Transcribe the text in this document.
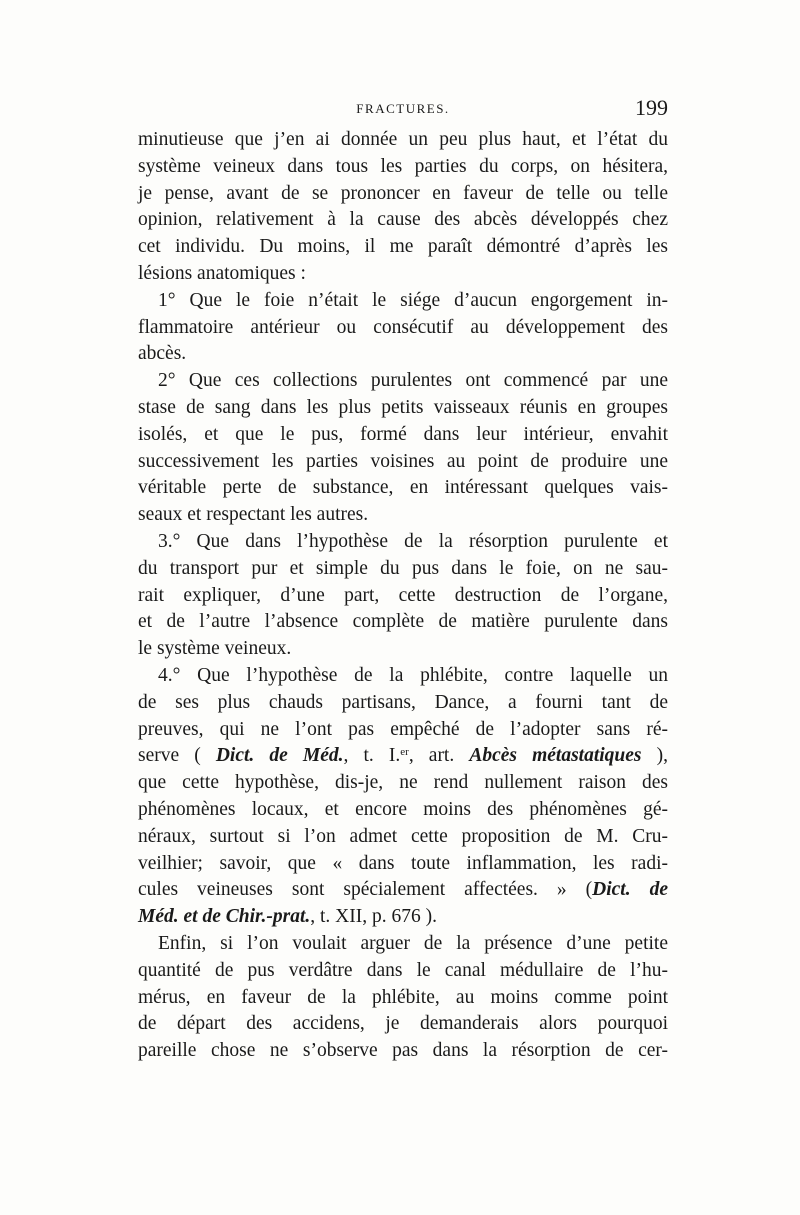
FRACTURES.	199
minutieuse que j’en ai donnée un peu plus haut, et l’état du
système veineux dans tous les parties du corps, on hésitera,
je pense, avant de se prononcer en faveur de telle ou telle
opinion, relativement à la cause des abcès développés chez
cet individu. Du moins, il me paraît démontré d’après les
lésions anatomiques :
1° Que le foie n’était le siége d’aucun engorgement in-
flammatoire antérieur ou consécutif au développement des
abcès.
2° Que ces collections purulentes ont commencé par une
stase de sang dans les plus petits vaisseaux réunis en groupes
isolés, et que le pus, formé dans leur intérieur, envahit
successivement les parties voisines au point de produire une
véritable perte de substance, en intéressant quelques vais-
seaux et respectant les autres.
3.° Que dans l’hypothèse de la résorption purulente et
du transport pur et simple du pus dans le foie, on ne sau-
rait expliquer, d’une part, cette destruction de l’organe,
et de l’autre l’absence complète de matière purulente dans
le système veineux.
4.° Que l’hypothèse de la phlébite, contre laquelle un
de ses plus chauds partisans, Dance, a fourni tant de
preuves, qui ne l’ont pas empêché de l’adopter sans ré-
serve ( Dict. de Méd., t. I.$^{er}$, art. Abcès métastatiques ),
que cette hypothèse, dis-je, ne rend nullement raison des
phénomènes locaux, et encore moins des phénomènes gé-
néraux, surtout si l’on admet cette proposition de M. Cru-
veilhier; savoir, que « dans toute inflammation, les radi-
cules veineuses sont spécialement affectées. » (Dict. de
Méd. et de Chir.-prat., t. XII, p. 676 ).
Enfin, si l’on voulait arguer de la présence d’une petite
quantité de pus verdâtre dans le canal médullaire de l’hu-
mérus, en faveur de la phlébite, au moins comme point
de départ des accidens, je demanderais alors pourquoi
pareille chose ne s’observe pas dans la résorption de cer-
